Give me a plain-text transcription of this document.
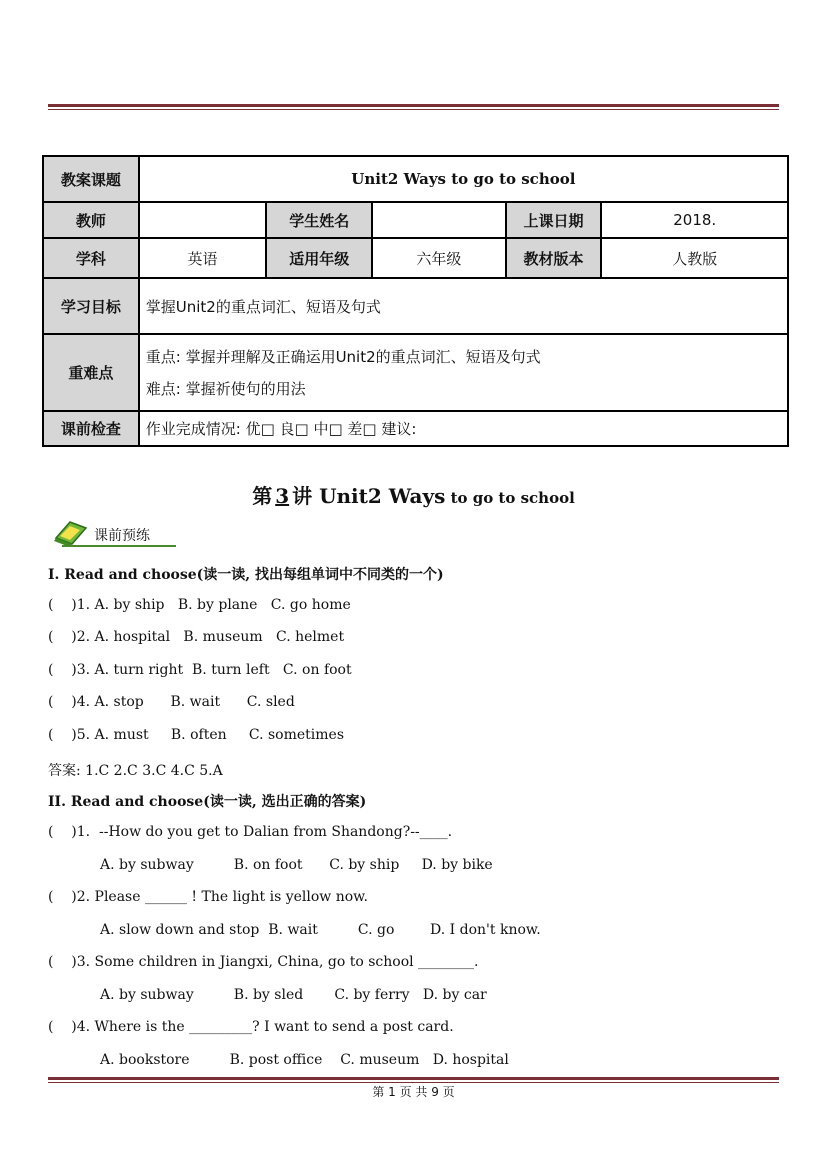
教案课题	Unit2 Ways to go to school				
教师		学生姓名		上课日期	2018.
学科	英语	适用年级	六年级	教材版本	人教版
学习目标	掌握Unit2的重点词汇、短语及句式				
重难点	重点: 掌握并理解及正确运用Unit2的重点词汇、短语及句式
难点: 掌握祈使句的用法				

课前检查	作业完成情况: 优□ 良□ 中□ 差□ 建议:				
第 3 讲 Unit2 Ways to go to school
课前预练
I. Read and choose(读一读, 找出每组单词中不同类的一个)
(    )1. A. by ship   B. by plane   C. go home
(    )2. A. hospital   B. museum   C. helmet
(    )3. A. turn right  B. turn left   C. on foot
(    )4. A. stop      B. wait      C. sled
(    )5. A. must     B. often     C. sometimes
答案: 1.C 2.C 3.C 4.C 5.A
II. Read and choose(读一读, 选出正确的答案)
(    )1.  --How do you get to Dalian from Shandong?--____.
A. by subway         B. on foot      C. by ship     D. by bike
(    )2. Please ______ ! The light is yellow now.
A. slow down and stop  B. wait         C. go        D. I don't know.
(    )3. Some children in Jiangxi, China, go to school ________.
A. by subway         B. by sled       C. by ferry   D. by car
(    )4. Where is the _________? I want to send a post card.
A. bookstore         B. post office    C. museum   D. hospital
第 1 页 共 9 页
